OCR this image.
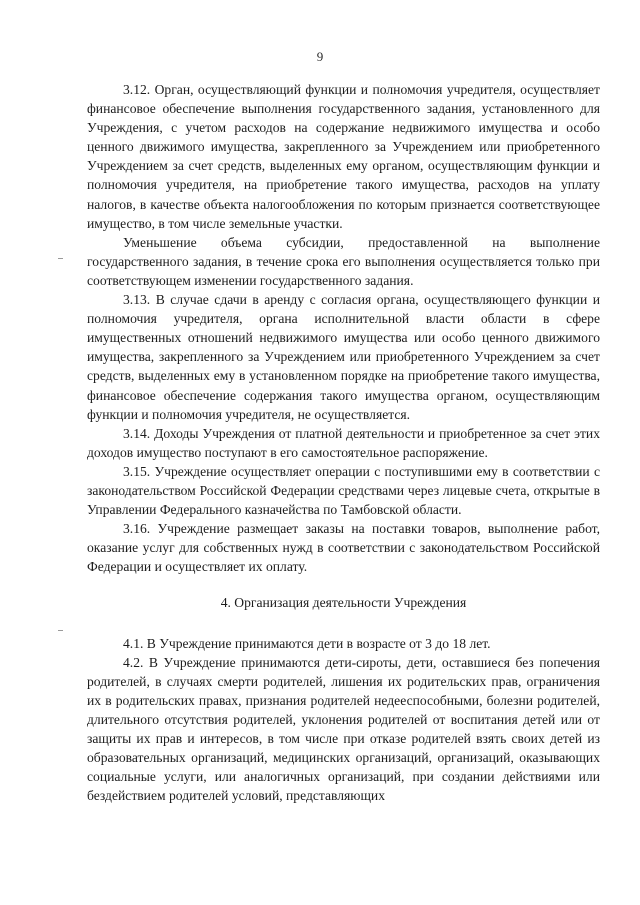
9

3.12. Орган, осуществляющий функции и полномочия учредителя, осуществляет финансовое обеспечение выполнения государственного задания, установленного для Учреждения, с учетом расходов на содержание недвижимого имущества и особо ценного движимого имущества, закрепленного за Учреждением или приобретенного Учреждением за счет средств, выделенных ему органом, осуществляющим функции и полномочия учредителя, на приобретение такого имущества, расходов на уплату налогов, в качестве объекта налогообложения по которым признается соответствующее имущество, в том числе земельные участки.

Уменьшение объема субсидии, предоставленной на выполнение государственного задания, в течение срока его выполнения осуществляется только при соответствующем изменении государственного задания.

3.13. В случае сдачи в аренду с согласия органа, осуществляющего функции и полномочия учредителя, органа исполнительной власти области в сфере имущественных отношений недвижимого имущества или особо ценного движимого имущества, закрепленного за Учреждением или приобретенного Учреждением за счет средств, выделенных ему в установленном порядке на приобретение такого имущества, финансовое обеспечение содержания такого имущества органом, осуществляющим функции и полномочия учредителя, не осуществляется.

3.14. Доходы Учреждения от платной деятельности и приобретенное за счет этих доходов имущество поступают в его самостоятельное распоряжение.

3.15. Учреждение осуществляет операции с поступившими ему в соответствии с законодательством Российской Федерации средствами через лицевые счета, открытые в Управлении Федерального казначейства по Тамбовской области.

3.16. Учреждение размещает заказы на поставки товаров, выполнение работ, оказание услуг для собственных нужд в соответствии с законодательством Российской Федерации и осуществляет их оплату.

4. Организация деятельности Учреждения

4.1. В Учреждение принимаются дети в возрасте от 3 до 18 лет.

4.2. В Учреждение принимаются дети-сироты, дети, оставшиеся без попечения родителей, в случаях смерти родителей, лишения их родительских прав, ограничения их в родительских правах, признания родителей недееспособными, болезни родителей, длительного отсутствия родителей, уклонения родителей от воспитания детей или от защиты их прав и интересов, в том числе при отказе родителей взять своих детей из образовательных организаций, медицинских организаций, организаций, оказывающих социальные услуги, или аналогичных организаций, при создании действиями или бездействием родителей условий, представляющих
